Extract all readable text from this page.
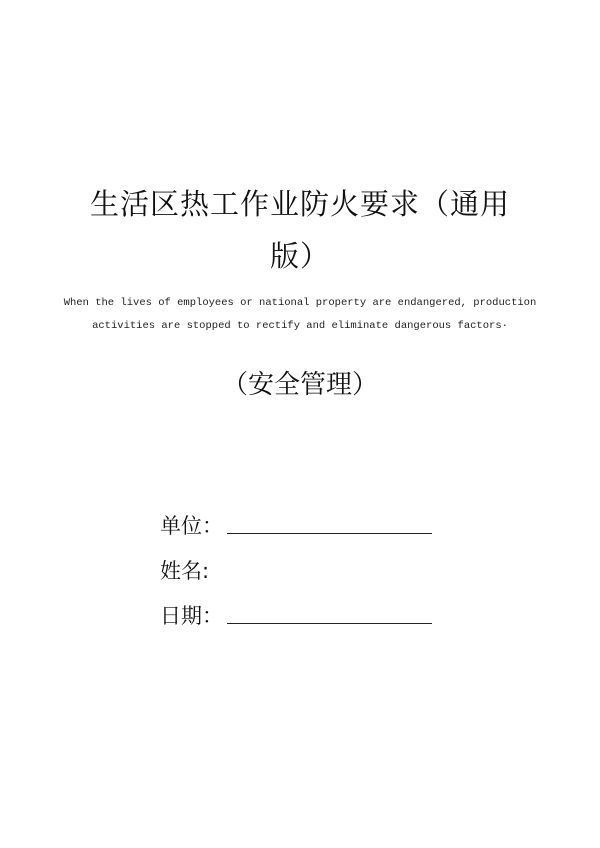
生活区热工作业防火要求（通用
版）
When the lives of employees or national property are endangered, production
activities are stopped to rectify and eliminate dangerous factors·
（安全管理）
单位：
姓名:
日期：
